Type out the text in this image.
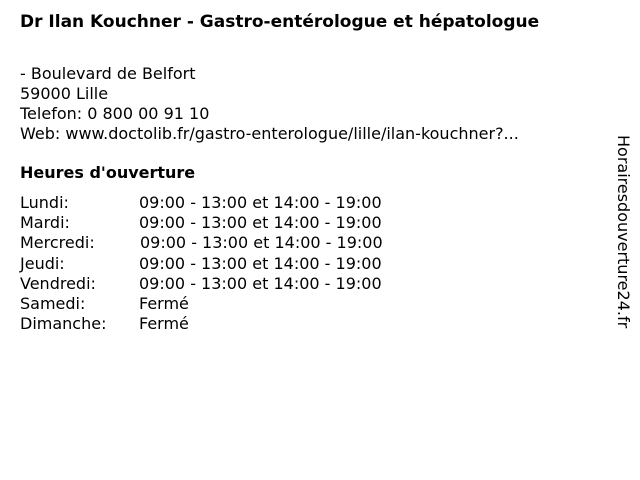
Dr Ilan Kouchner - Gastro-entérologue et hépatologue
- Boulevard de Belfort
59000 Lille
Telefon: 0 800 00 91 10
Web: www.doctolib.fr/gastro-enterologue/lille/ilan-kouchner?...
Heures d'ouverture
Lundi:	09:00 - 13:00 et 14:00 - 19:00
Mardi:	09:00 - 13:00 et 14:00 - 19:00
Mercredi:	09:00 - 13:00 et 14:00 - 19:00
Jeudi:	09:00 - 13:00 et 14:00 - 19:00
Vendredi:	09:00 - 13:00 et 14:00 - 19:00
Samedi:	Fermé
Dimanche: Fermé	Horairesdouverture24.fr
